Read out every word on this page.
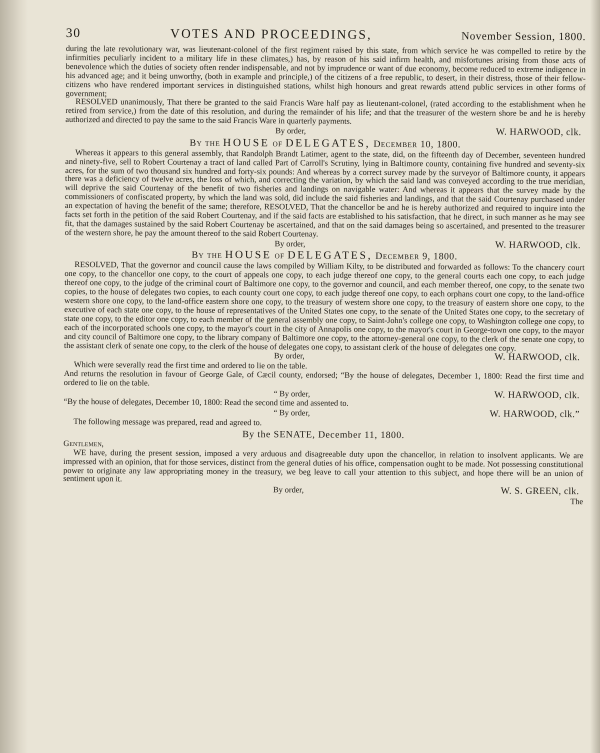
30	VOTES AND PROCEEDINGS,	November Session, 1800.

during the late revolutionary war, was lieutenant-colonel of the first regiment raised by this state, from which service he was compelled to retire by the infirmities peculiarly incident to a military life in these climates,) has, by reason of his said infirm health, and misfortunes arising from those acts of benevolence which the duties of society often render indispensable, and not by imprudence or want of due economy, become reduced to extreme indigence in his advanced age; and it being unworthy, (both in example and principle,) of the citizens of a free republic, to desert, in their distress, those of their fellow-citizens who have rendered important services in distinguished stations, whilst high honours and great rewards attend public services in other forms of government;

RESOLVED unanimously, That there be granted to the said Francis Ware half pay as lieutenant-colonel, (rated according to the establishment when he retired from service,) from the date of this resolution, and during the remainder of his life; and that the treasurer of the western shore be and he is hereby authorized and directed to pay the same to the said Francis Ware in quarterly payments.

By order,	W. HARWOOD, clk.
By the HOUSE of DELEGATES, December 10, 1800.

Whereas it appears to this general assembly, that Randolph Brandt Latimer, agent to the state, did, on the fifteenth day of December, seventeen hundred and ninety-five, sell to Robert Courtenay a tract of land called Part of Carroll's Scrutiny, lying in Baltimore county, containing five hundred and seventy-six acres, for the sum of two thousand six hundred and forty-six pounds: And whereas by a correct survey made by the surveyor of Baltimore county, it appears there was a deficiency of twelve acres, the loss of which, and correcting the variation, by which the said land was conveyed according to the true meridian, will deprive the said Courtenay of the benefit of two fisheries and landings on navigable water: And whereas it appears that the survey made by the commissioners of confiscated property, by which the land was sold, did include the said fisheries and landings, and that the said Courtenay purchased under an expectation of having the benefit of the same; therefore, RESOLVED, That the chancellor be and he is hereby authorized and required to inquire into the facts set forth in the petition of the said Robert Courtenay, and if the said facts are established to his satisfaction, that he direct, in such manner as he may see fit, that the damages sustained by the said Robert Courtenay be ascertained, and that on the said damages being so ascertained, and presented to the treasurer of the western shore, he pay the amount thereof to the said Robert Courtenay.

By order,	W. HARWOOD, clk.
By the HOUSE of DELEGATES, December 9, 1800.

RESOLVED, That the governor and council cause the laws compiled by William Kilty, to be distributed and forwarded as follows: To the chancery court one copy, to the chancellor one copy, to the court of appeals one copy, to each judge thereof one copy, to the general courts each one copy, to each judge thereof one copy, to the judge of the criminal court of Baltimore one copy, to the governor and council, and each member thereof, one copy, to the senate two copies, to the house of delegates two copies, to each county court one copy, to each judge thereof one copy, to each orphans court one copy, to the land-office western shore one copy, to the land-office eastern shore one copy, to the treasury of western shore one copy, to the treasury of eastern shore one copy, to the executive of each state one copy, to the house of representatives of the United States one copy, to the senate of the United States one copy, to the secretary of state one copy, to the editor one copy, to each member of the general assembly one copy, to Saint-John's college one copy, to Washington college one copy, to each of the incorporated schools one copy, to the mayor's court in the city of Annapolis one copy, to the mayor's court in George-town one copy, to the mayor and city council of Baltimore one copy, to the library company of Baltimore one copy, to the attorney-general one copy, to the clerk of the senate one copy, to the assistant clerk of senate one copy, to the clerk of the house of delegates one copy, to assistant clerk of the house of delegates one copy.

By order,	W. HARWOOD, clk.

Which were severally read the first time and ordered to lie on the table.

And returns the resolution in favour of George Gale, of Cæcil county, endorsed; “By the house of delegates, December 1, 1800: Read the first time and ordered to lie on the table.

“ By order,	W. HARWOOD, clk.

“By the house of delegates, December 10, 1800: Read the second time and assented to.

“ By order,	W. HARWOOD, clk.”

The following message was prepared, read and agreed to.

By the SENATE, December 11, 1800.

Gentlemen,

WE have, during the present session, imposed a very arduous and disagreeable duty upon the chancellor, in relation to insolvent applicants. We are impressed with an opinion, that for those services, distinct from the general duties of his office, compensation ought to be made. Not possessing constitutional power to originate any law appropriating money in the treasury, we beg leave to call your attention to this subject, and hope there will be an union of sentiment upon it.

By order,	W. S. GREEN, clk.

The
